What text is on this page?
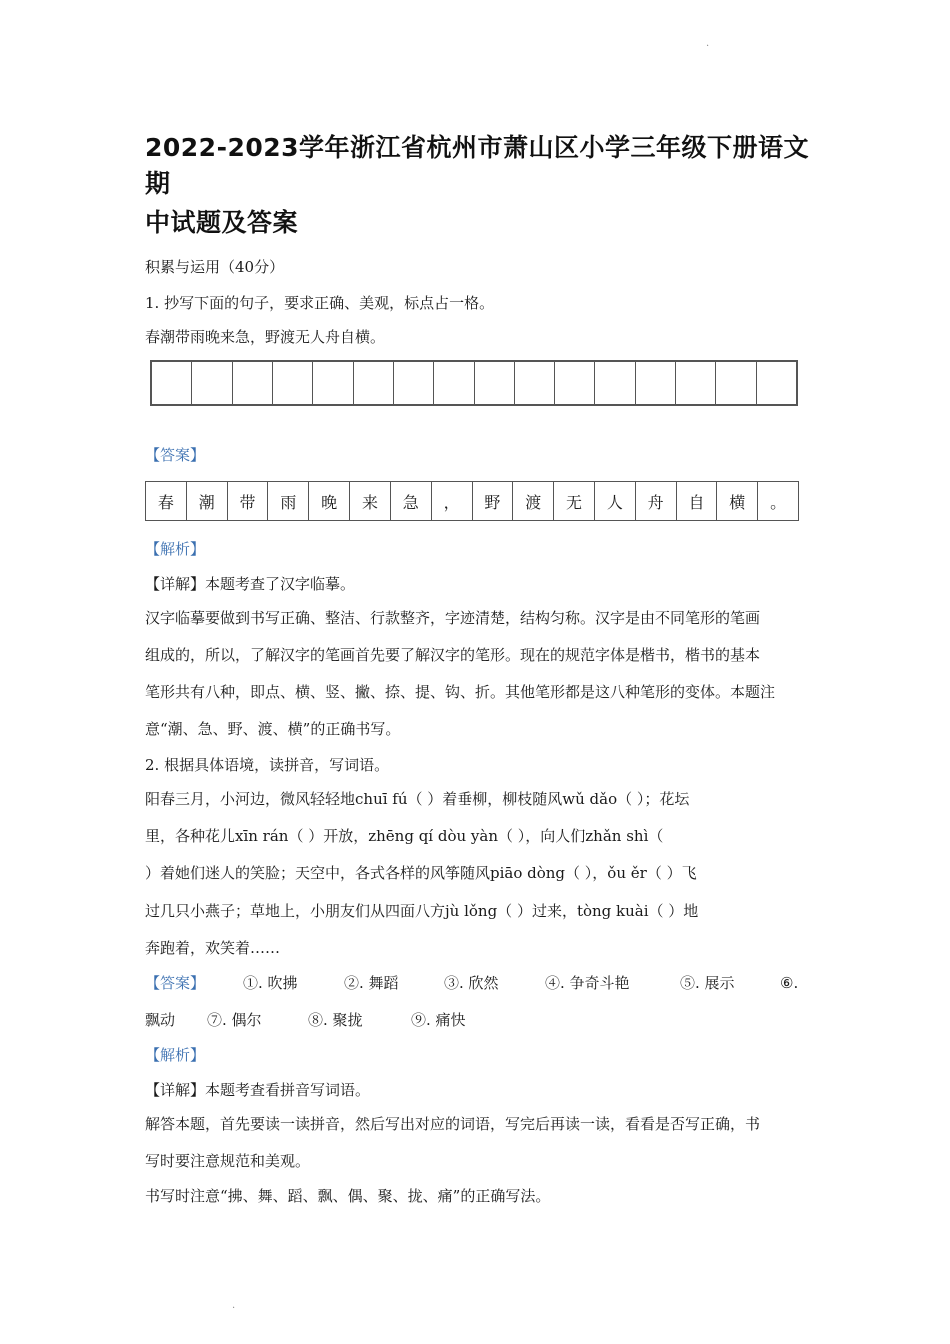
.
2022-2023学年浙江省杭州市萧山区小学三年级下册语文期
中试题及答案
积累与运用（40分）
1. 抄写下面的句子，要求正确、美观，标点占一格。
春潮带雨晚来急，野渡无人舟自横。
【答案】
春	潮	带	雨	晚	来	急	，	野	渡	无	人	舟	自	横	。
【解析】
【详解】本题考查了汉字临摹。
汉字临摹要做到书写正确、整洁、行款整齐，字迹清楚，结构匀称。汉字是由不同笔形的笔画
组成的，所以，了解汉字的笔画首先要了解汉字的笔形。现在的规范字体是楷书，楷书的基本
笔形共有八种，即点、横、竖、撇、捺、提、钩、折。其他笔形都是这八种笔形的变体。本题注
意“潮、急、野、渡、横”的正确书写。
2. 根据具体语境，读拼音，写词语。
阳春三月，小河边，微风轻轻地chuī fú（ ）着垂柳，柳枝随风wǔ dǎo（ ）；花坛
里，各种花儿xīn rán（ ）开放，zhēng qí dòu yàn（ ），向人们zhǎn shì（
）着她们迷人的笑脸；天空中，各式各样的风筝随风piāo dòng（ ），ǒu ěr（ ）飞
过几只小燕子；草地上，小朋友们从四面八方jù lǒng（ ）过来，tòng kuài（ ）地
奔跑着，欢笑着……
【答案】	①. 吹拂	②. 舞蹈	③. 欣然	④. 争奇斗艳	⑤. 展示	⑥.
飘动 ⑦. 偶尔	⑧. 聚拢	⑨. 痛快
【解析】
【详解】本题考查看拼音写词语。
解答本题，首先要读一读拼音，然后写出对应的词语，写完后再读一读，看看是否写正确，书
写时要注意规范和美观。
书写时注意“拂、舞、蹈、飘、偶、聚、拢、痛”的正确写法。
.
